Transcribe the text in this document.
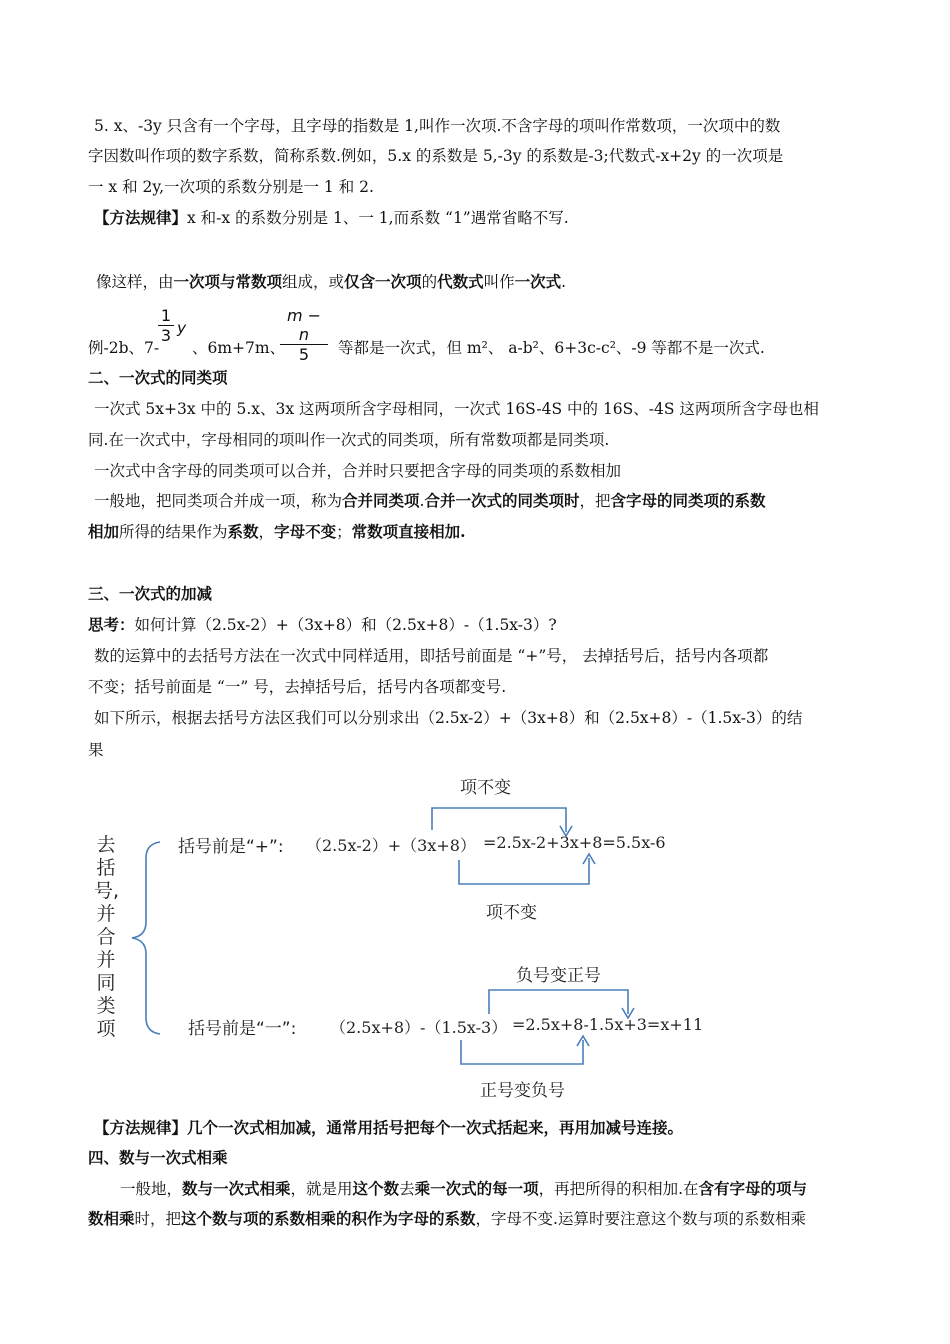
5. x、-3y 只含有一个字母，且字母的指数是 1,叫作一次项.不含字母的项叫作常数项，一次项中的数
字因数叫作项的数字系数，简称系数.例如，5.x 的系数是 5,-3y 的系数是-3;代数式-x+2y 的一次项是
一 x 和 2y,一次项的系数分别是一 1 和 2.
【方法规律】x 和-x 的系数分别是 1、一 1,而系数 “1”遇常省略不写.
像这样，由一次项与常数项组成，或仅含一次项的代数式叫作一次式.
例-2b、7-
$\frac{1}{3}$ y
、6m+7m、
$\frac{m - n}{5}$ 等都是一次式，但 m²、 a-b²、6+3c-c²、-9 等都不是一次式.
二、一次式的同类项
一次式 5x+3x 中的 5.x、3x 这两项所含字母相同，一次式 16S-4S 中的 16S、-4S 这两项所含字母也相
同.在一次式中，字母相同的项叫作一次式的同类项，所有常数项都是同类项.
一次式中含字母的同类项可以合并，合并时只要把含字母的同类项的系数相加
一般地，把同类项合并成一项，称为合并同类项.合并一次式的同类项时，把含字母的同类项的系数
相加所得的结果作为系数，字母不变；常数项直接相加.
三、一次式的加减
思考：如何计算（2.5x-2）+（3x+8）和（2.5x+8）-（1.5x-3）?
数的运算中的去括号方法在一次式中同样适用，即括号前面是 “+”号， 去掉括号后，括号内各项都
不变；括号前面是 “一” 号，去掉括号后，括号内各项都变号.
如下所示，根据去括号方法区我们可以分别求出（2.5x-2）+（3x+8）和（2.5x+8）-（1.5x-3）的结
果
去
括
号,
并
合
并
同
类
项
项不变
括号前是“+”: （2.5x-2）+（3x+8） =2.5x-2+3x+8=5.5x-6
项不变
负号变正号
括号前是“一”: （2.5x+8）-（1.5x-3） =2.5x+8-1.5x+3=x+11
正号变负号
【方法规律】几个一次式相加减，通常用括号把每个一次式括起来，再用加减号连接。
四、数与一次式相乘
一般地，数与一次式相乘，就是用这个数去乘一次式的每一项，再把所得的积相加.在含有字母的项与
数相乘时，把这个数与项的系数相乘的积作为字母的系数，字母不变.运算时要注意这个数与项的系数相乘
